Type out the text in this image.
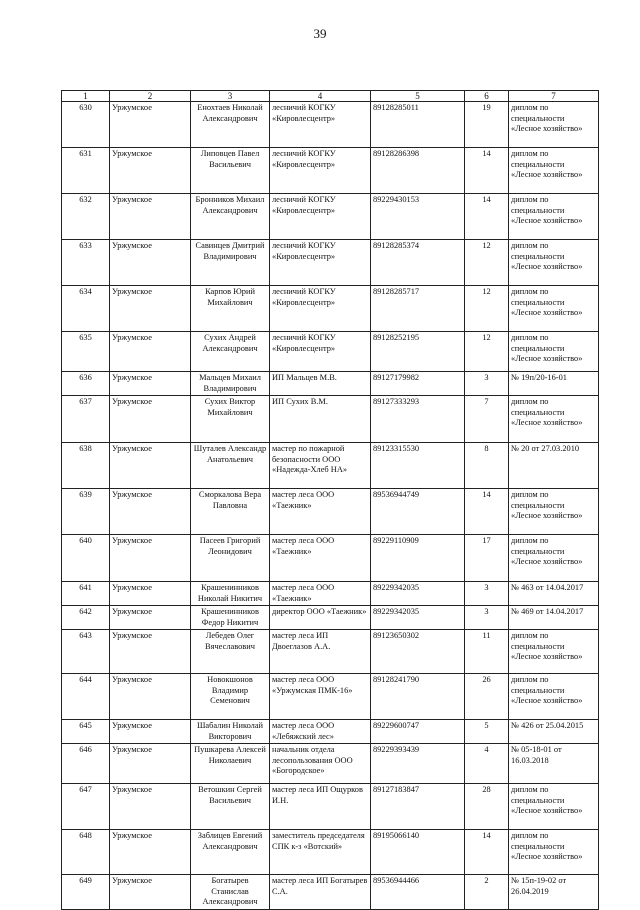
39
1	2	3	4	5	6	7
630	Уржумское	Енохтаев Николай Александрович	лесничий КОГКУ «Кировлесцентр»	89128285011	19	диплом по специальности «Лесное хозяйство»
631	Уржумское	Липовцев Павел Васильевич	лесничий КОГКУ «Кировлесцентр»	89128286398	14	диплом по специальности «Лесное хозяйство»
632	Уржумское	Бронников Михаил Александрович	лесничий КОГКУ «Кировлесцентр»	89229430153	14	диплом по специальности «Лесное хозяйство»
633	Уржумское	Савинцев Дмитрий Владимирович	лесничий КОГКУ «Кировлесцентр»	89128285374	12	диплом по специальности «Лесное хозяйство»
634	Уржумское	Карпов Юрий Михайлович	лесничий КОГКУ «Кировлесцентр»	89128285717	12	диплом по специальности «Лесное хозяйство»
635	Уржумское	Сухих Андрей Александрович	лесничий КОГКУ «Кировлесцентр»	89128252195	12	диплом по специальности «Лесное хозяйство»
636	Уржумское	Мальцев Михаил Владимирович	ИП Мальцев М.В.	89127179982	3	№ 19п/20-16-01
637	Уржумское	Сухих Виктор Михайлович	ИП Сухих В.М.	89127333293	7	диплом по специальности «Лесное хозяйство»
638	Уржумское	Шуталев Александр Анатольевич	мастер по пожарной безопасности ООО «Надежда-Хлеб НА»	89123315530	8	№ 20 от 27.03.2010
639	Уржумское	Сморкалова Вера Павловна	мастер леса ООО «Таежник»	89536944749	14	диплом по специальности «Лесное хозяйство»
640	Уржумское	Пасеев Григорий Леонидович	мастер леса ООО «Таежник»	89229110909	17	диплом по специальности «Лесное хозяйство»
641	Уржумское	Крашенинников Николай Никитич	мастер леса ООО «Таежник»	89229342035	3	№ 463 от 14.04.2017
642	Уржумское	Крашенинников Федор Никитич	директор ООО «Таежник»	89229342035	3	№ 469 от 14.04.2017
643	Уржумское	Лебедев Олег Вячеславович	мастер леса ИП Двоеглазов А.А.	89123650302	11	диплом по специальности «Лесное хозяйство»
644	Уржумское	Новокшонов Владимир Семенович	мастер леса ООО «Уржумская ПМК-16»	89128241790	26	диплом по специальности «Лесное хозяйство»
645	Уржумское	Шабалин Николай Викторович	мастер леса ООО «Лебяжский лес»	89229600747	5	№ 426 от 25.04.2015
646	Уржумское	Пушкарева Алексей Николаевич	начальник отдела лесопользования ООО «Богородское»	89229393439	4	№ 05-18-01 от 16.03.2018
647	Уржумское	Ветошкин Сергей Васильевич	мастер леса ИП Ощурков И.Н.	89127183847	28	диплом по специальности «Лесное хозяйство»
648	Уржумское	Заблицев Евгений Александрович	заместитель председателя СПК к-з «Вотский»	89195066140	14	диплом по специальности «Лесное хозяйство»
649	Уржумское	Богатырев Станислав Александрович	мастер леса ИП Богатырев С.А.	89536944466	2	№ 15п-19-02 от 26.04.2019
